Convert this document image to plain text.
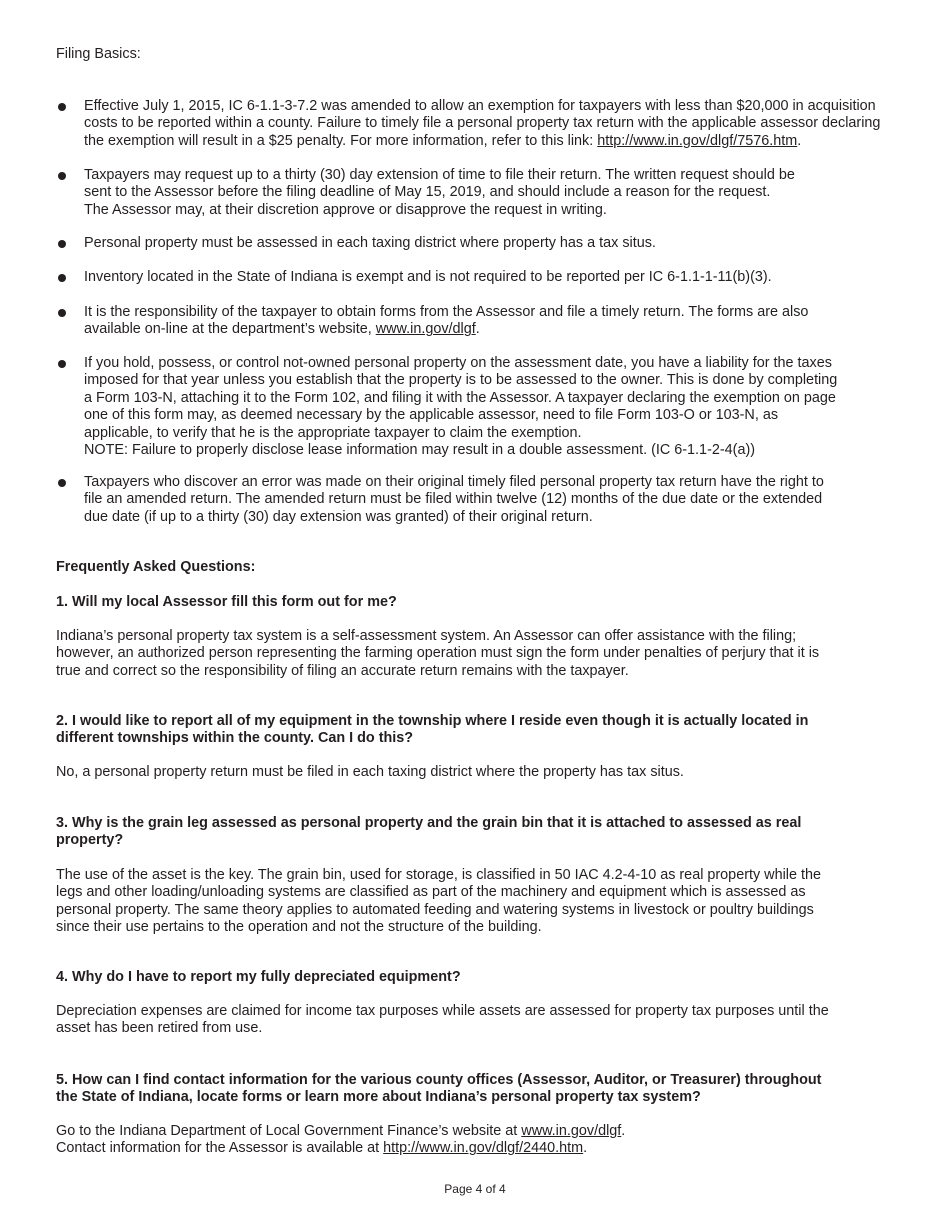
Filing Basics:
Effective July 1, 2015, IC 6-1.1-3-7.2 was amended to allow an exemption for taxpayers with less than $20,000 in acquisition
costs to be reported within a county. Failure to timely file a personal property tax return with the applicable assessor declaring
the exemption will result in a $25 penalty. For more information, refer to this link: http://www.in.gov/dlgf/7576.htm.
Taxpayers may request up to a thirty (30) day extension of time to file their return. The written request should be
sent to the Assessor before the filing deadline of May 15, 2019, and should include a reason for the request.
The Assessor may, at their discretion approve or disapprove the request in writing.
Personal property must be assessed in each taxing district where property has a tax situs.
Inventory located in the State of Indiana is exempt and is not required to be reported per IC 6-1.1-1-11(b)(3).
It is the responsibility of the taxpayer to obtain forms from the Assessor and file a timely return. The forms are also
available on-line at the department’s website, www.in.gov/dlgf.
If you hold, possess, or control not-owned personal property on the assessment date, you have a liability for the taxes
imposed for that year unless you establish that the property is to be assessed to the owner. This is done by completing
a Form 103-N, attaching it to the Form 102, and filing it with the Assessor. A taxpayer declaring the exemption on page
one of this form may, as deemed necessary by the applicable assessor, need to file Form 103-O or 103-N, as
applicable, to verify that he is the appropriate taxpayer to claim the exemption.
NOTE: Failure to properly disclose lease information may result in a double assessment. (IC 6-1.1-2-4(a))
Taxpayers who discover an error was made on their original timely filed personal property tax return have the right to
file an amended return. The amended return must be filed within twelve (12) months of the due date or the extended
due date (if up to a thirty (30) day extension was granted) of their original return.
Frequently Asked Questions:
1. Will my local Assessor fill this form out for me?
Indiana’s personal property tax system is a self-assessment system. An Assessor can offer assistance with the filing;
however, an authorized person representing the farming operation must sign the form under penalties of perjury that it is
true and correct so the responsibility of filing an accurate return remains with the taxpayer.
2. I would like to report all of my equipment in the township where I reside even though it is actually located in
different townships within the county. Can I do this?
No, a personal property return must be filed in each taxing district where the property has tax situs.
3. Why is the grain leg assessed as personal property and the grain bin that it is attached to assessed as real
property?
The use of the asset is the key. The grain bin, used for storage, is classified in 50 IAC 4.2-4-10 as real property while the
legs and other loading/unloading systems are classified as part of the machinery and equipment which is assessed as
personal property. The same theory applies to automated feeding and watering systems in livestock or poultry buildings
since their use pertains to the operation and not the structure of the building.
4. Why do I have to report my fully depreciated equipment?
Depreciation expenses are claimed for income tax purposes while assets are assessed for property tax purposes until the
asset has been retired from use.
5. How can I find contact information for the various county offices (Assessor, Auditor, or Treasurer) throughout
the State of Indiana, locate forms or learn more about Indiana’s personal property tax system?
Go to the Indiana Department of Local Government Finance’s website at www.in.gov/dlgf.
Contact information for the Assessor is available at http://www.in.gov/dlgf/2440.htm.
Page 4 of 4
